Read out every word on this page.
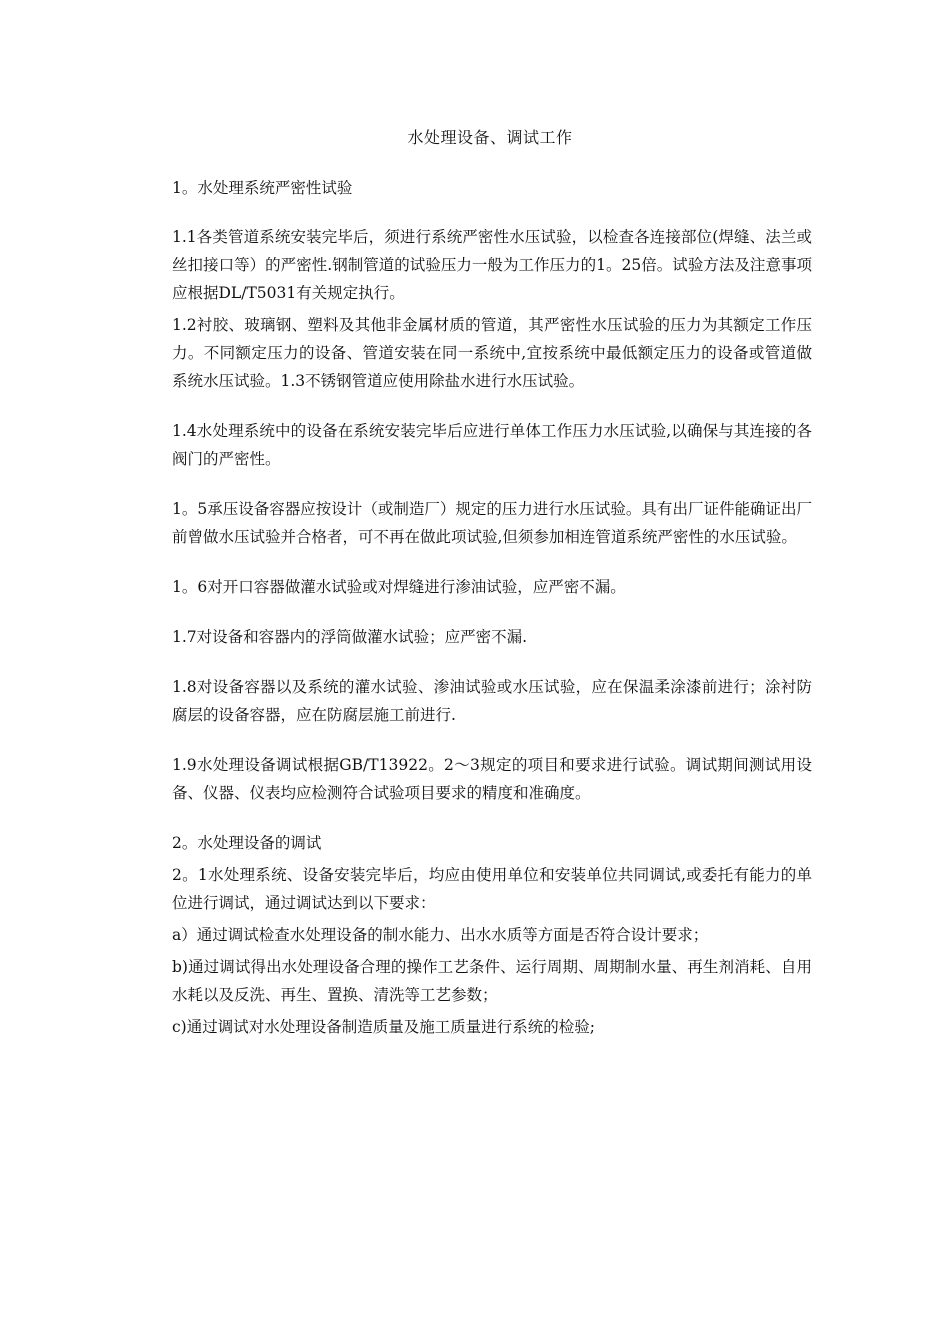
水处理设备、调试工作

1。水处理系统严密性试验

1.1各类管道系统安装完毕后，须进行系统严密性水压试验，以检查各连接部位(焊缝、法兰或丝扣接口等）的严密性.钢制管道的试验压力一般为工作压力的1。25倍。试验方法及注意事项应根据DL/T5031有关规定执行。

1.2衬胶、玻璃钢、塑料及其他非金属材质的管道，其严密性水压试验的压力为其额定工作压力。不同额定压力的设备、管道安装在同一系统中,宜按系统中最低额定压力的设备或管道做系统水压试验。1.3不锈钢管道应使用除盐水进行水压试验。

1.4水处理系统中的设备在系统安装完毕后应进行单体工作压力水压试验,以确保与其连接的各阀门的严密性。

1。5承压设备容器应按设计（或制造厂）规定的压力进行水压试验。具有出厂证件能确证出厂前曾做水压试验并合格者，可不再在做此项试验,但须参加相连管道系统严密性的水压试验。

1。6对开口容器做灌水试验或对焊缝进行渗油试验，应严密不漏。

1.7对设备和容器内的浮筒做灌水试验；应严密不漏.

1.8对设备容器以及系统的灌水试验、渗油试验或水压试验，应在保温柔涂漆前进行；涂衬防腐层的设备容器，应在防腐层施工前进行.

1.9水处理设备调试根据GB/T13922。2～3规定的项目和要求进行试验。调试期间测试用设备、仪器、仪表均应检测符合试验项目要求的精度和准确度。

2。水处理设备的调试

2。1水处理系统、设备安装完毕后，均应由使用单位和安装单位共同调试,或委托有能力的单位进行调试，通过调试达到以下要求：

a）通过调试检查水处理设备的制水能力、出水水质等方面是否符合设计要求；

b)通过调试得出水处理设备合理的操作工艺条件、运行周期、周期制水量、再生剂消耗、自用水耗以及反洗、再生、置换、清洗等工艺参数；

c)通过调试对水处理设备制造质量及施工质量进行系统的检验;
